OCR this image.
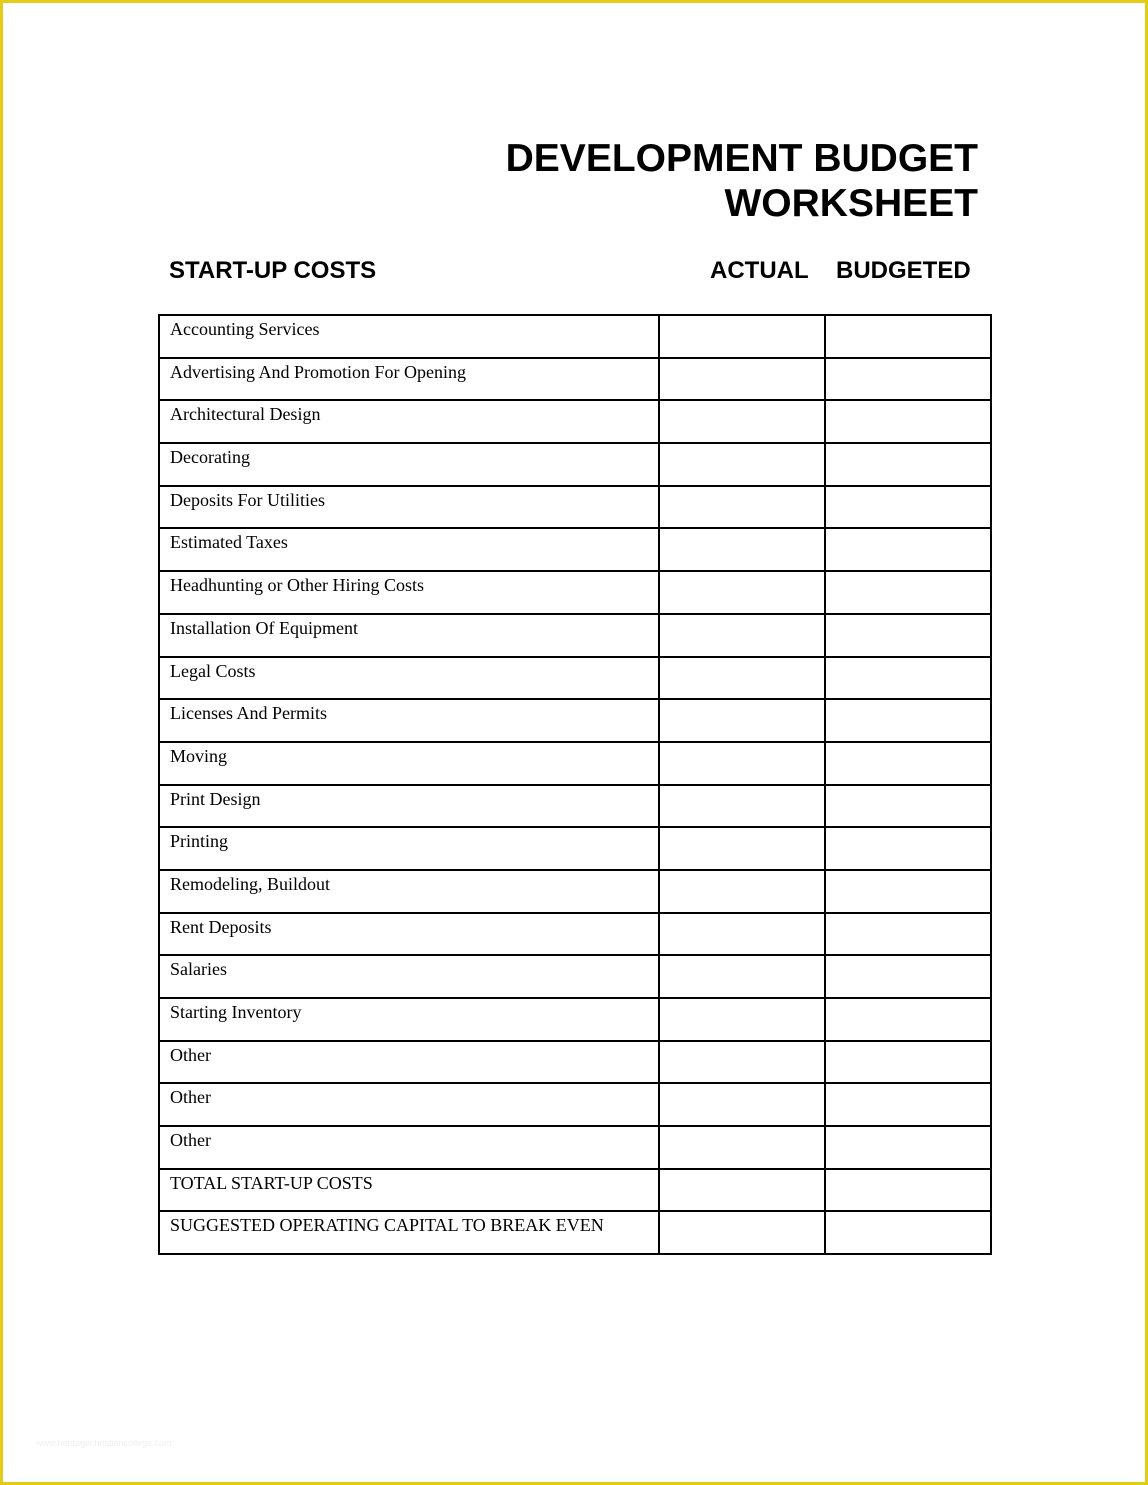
DEVELOPMENT BUDGET
WORKSHEET
START-UP COSTS	ACTUAL BUDGETED
Accounting Services		
Advertising And Promotion For Opening		
Architectural Design		
Decorating		
Deposits For Utilities		
Estimated Taxes		
Headhunting or Other Hiring Costs		
Installation Of Equipment		
Legal Costs		
Licenses And Permits		
Moving		
Print Design		
Printing		
Remodeling, Buildout		
Rent Deposits		
Salaries		
Starting Inventory		
Other		
Other		
Other		
TOTAL START-UP COSTS		
SUGGESTED OPERATING CAPITAL TO BREAK EVEN		
www.heritagechristiancollege.com
